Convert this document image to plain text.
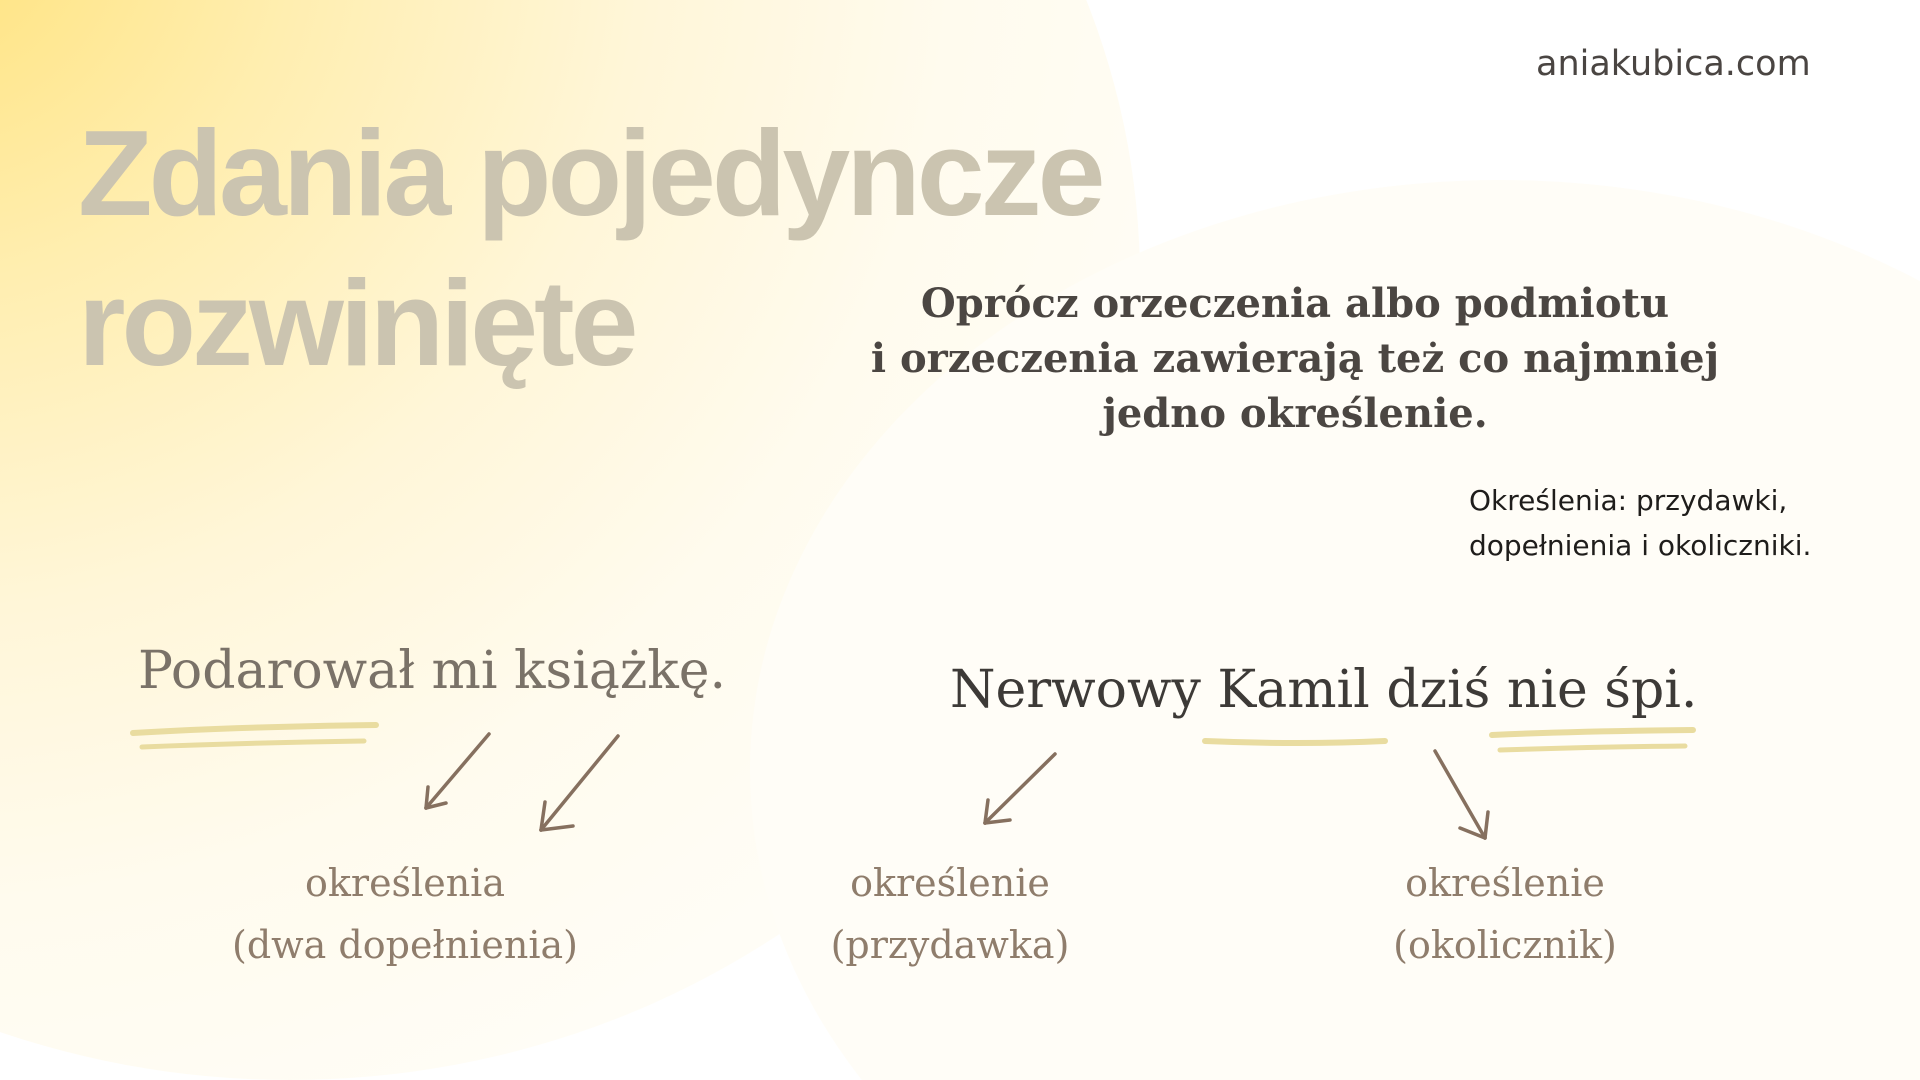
aniakubica.com
Zdania pojedyncze
rozwinięte	Oprócz orzeczenia albo podmiotu
i orzeczenia zawierają też co najmniej
jedno określenie.
Określenia: przydawki,
dopełnienia i okoliczniki.
Podarował mi książkę.	Nerwowy Kamil dziś nie śpi.
określenia
(dwa dopełnienia)
określenie
(przydawka)
określenie
(okolicznik)
